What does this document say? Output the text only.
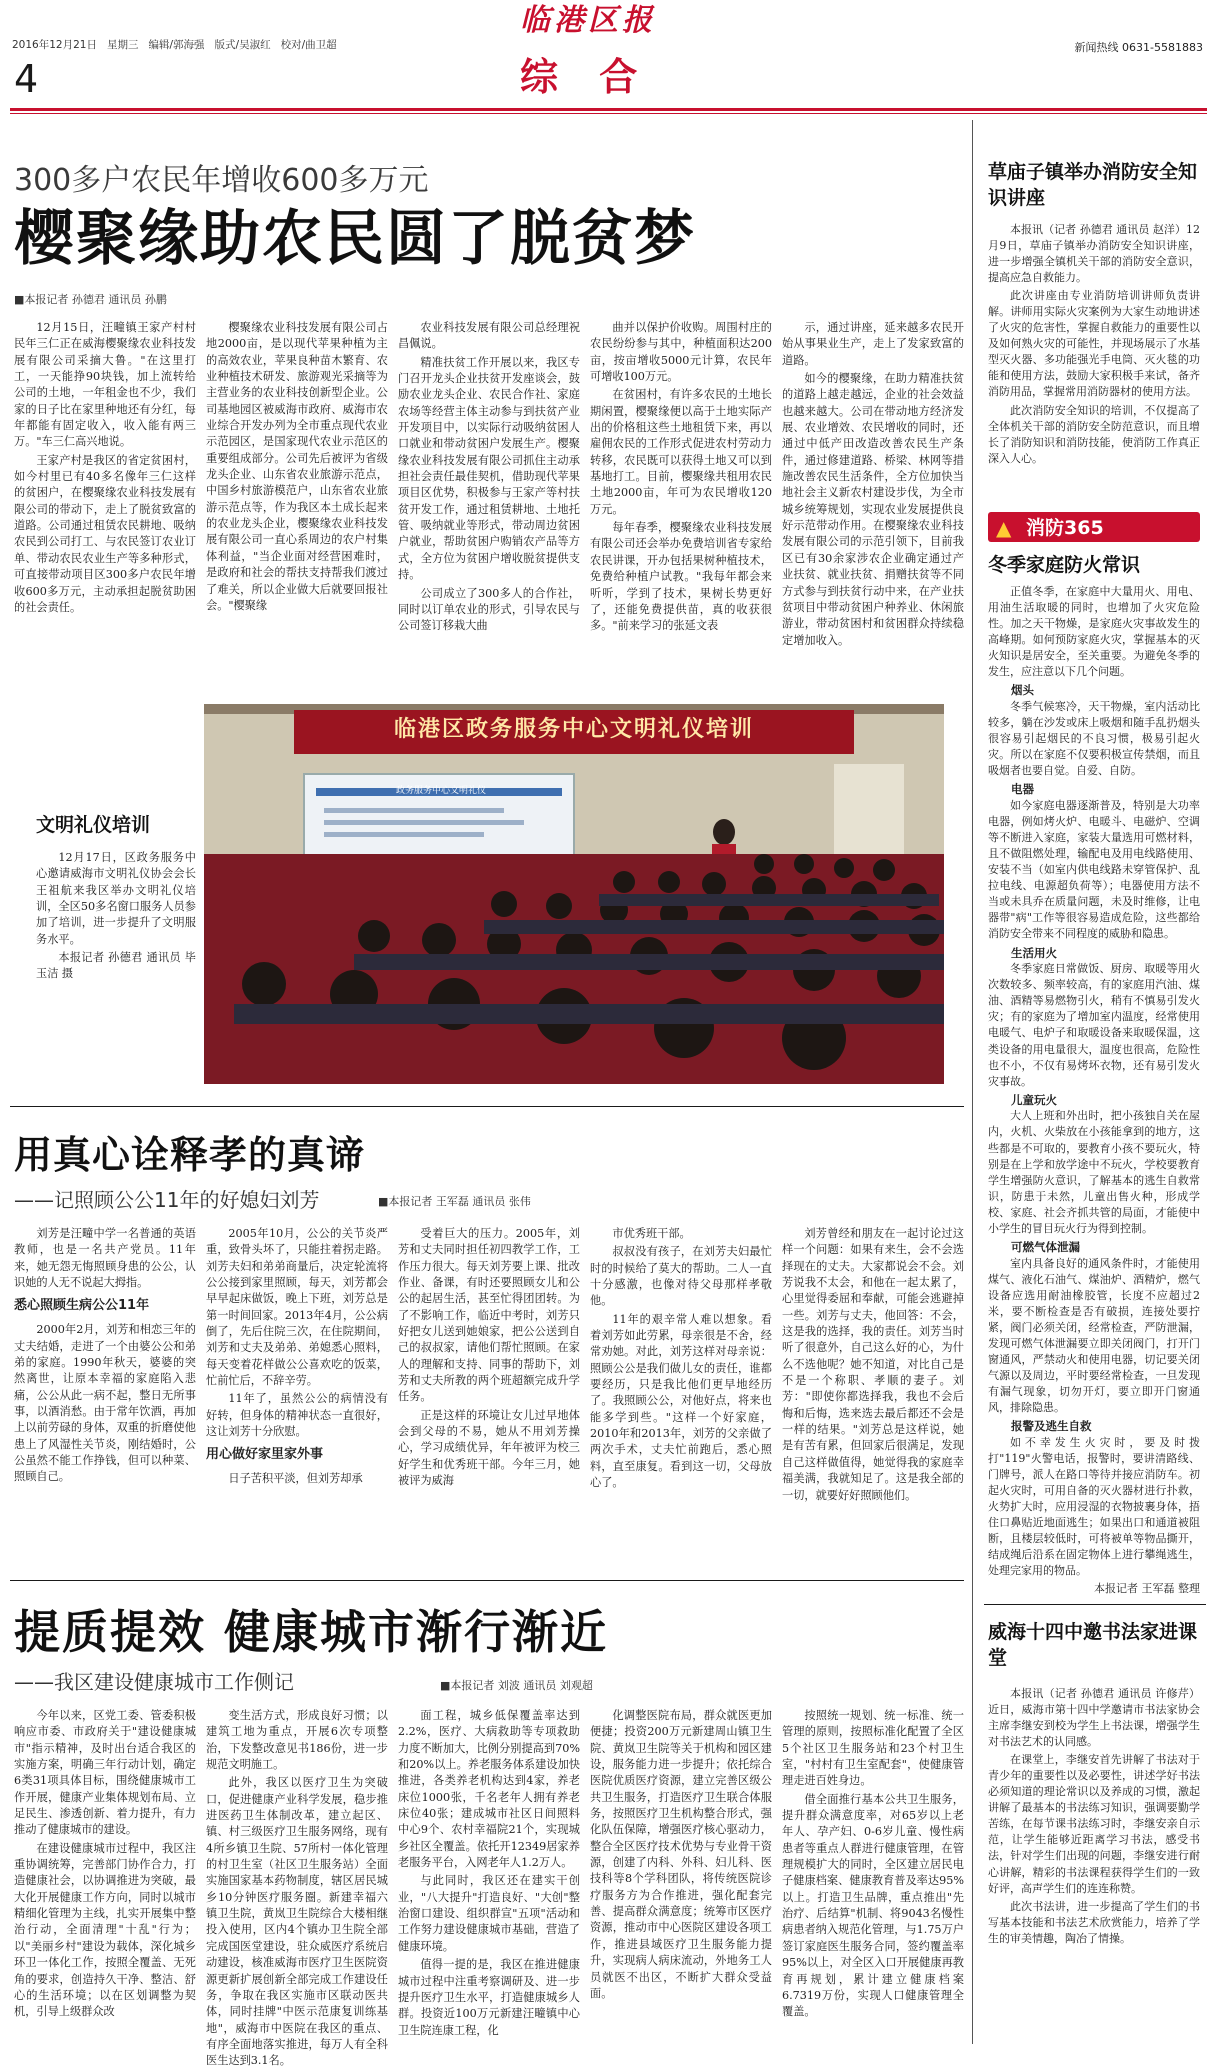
2016年12月21日 星期三 编辑/郭海强 版式/吴淑红 校对/曲卫超
临港区报
新闻热线 0631-5581883
4	综 合
300多户农民年增收600多万元
樱聚缘助农民圆了脱贫梦
■本报记者 孙德君 通讯员 孙鹏

12月15日，汪疃镇王家产村村民年三仁正在威海樱聚缘农业科技发展有限公司采摘大鲁。"在这里打工，一天能挣90块钱，加上流转给公司的土地，一年租金也不少，我们家的日子比在家里种地还有分红，每年都能有固定收入，收入能有两三万。"车三仁高兴地说。

王家产村是我区的省定贫困村，如今村里已有40多名像年三仁这样的贫困户，在樱聚缘农业科技发展有限公司的带动下，走上了脱贫致富的道路。公司通过租赁农民耕地、吸纳农民到公司打工、与农民签订农业订单、带动农民农业生产等多种形式，可直接带动项目区300多户农民年增收600多万元，主动承担起脱贫助困的社会责任。

樱聚缘农业科技发展有限公司占地2000亩，是以现代苹果种植为主的高效农业，苹果良种苗木繁育、农业种植技术研发、旅游观光采摘等为主营业务的农业科技创新型企业。公司基地园区被威海市政府、威海市农业综合开发办列为全市重点现代农业示范园区，是国家现代农业示范区的重要组成部分。公司先后被评为省级龙头企业、山东省农业旅游示范点，中国乡村旅游模范户，山东省农业旅游示范点等，作为我区本土成长起来的农业龙头企业，樱聚缘农业科技发展有限公司一直心系周边的农户村集体利益，"当企业面对经营困难时，是政府和社会的帮扶支持帮我们渡过了难关，所以企业做大后就要回报社会。"樱聚缘

农业科技发展有限公司总经理祝昌佩说。

精准扶贫工作开展以来，我区专门召开龙头企业扶贫开发座谈会，鼓励农业龙头企业、农民合作社、家庭农场等经营主体主动参与到扶贫产业开发项目中，以实际行动吸纳贫困人口就业和带动贫困户发展生产。樱聚缘农业科技发展有限公司抓住主动承担社会责任最佳契机，借助现代苹果项目区优势，积极参与王家产等村扶贫开发工作，通过租赁耕地、土地托管、吸纳就业等形式，带动周边贫困户就业，帮助贫困户购销农产品等方式，全方位为贫困户增收脱贫提供支持。

公司成立了300多人的合作社，同时以订单农业的形式，引导农民与公司签订移栽大曲

曲并以保护价收购。周围村庄的农民纷纷参与其中，种植面积达200亩，按亩增收5000元计算，农民年可增收100万元。

在贫困村，有许多农民的土地长期闲置，樱聚缘便以高于土地实际产出的价格租这些土地租赁下来，再以雇佣农民的工作形式促进农村劳动力转移，农民既可以获得土地又可以到基地打工。目前，樱聚缘共租用农民土地2000亩，年可为农民增收120万元。

每年春季，樱聚缘农业科技发展有限公司还会举办免费培训省专家给农民讲课，开办包括果树种植技术，免费给种植户试教。"我每年都会来听听，学到了技术，果树长势更好了，还能免费提供苗，真的收获很多。"前来学习的张延文表

示，通过讲座，延来越多农民开始从事果业生产，走上了发家致富的道路。

如今的樱聚缘，在助力精准扶贫的道路上越走越远，企业的社会效益也越来越大。公司在带动地方经济发展、农业增效、农民增收的同时，还通过中低产田改造改善农民生产条件，通过修建道路、桥梁、林网等措施改善农民生活条件，全方位加快当地社会主义新农村建设步伐，为全市城乡统筹规划，实现农业发展提供良好示范带动作用。在樱聚缘农业科技发展有限公司的示范引领下，目前我区已有30余家涉农企业确定通过产业扶贫、就业扶贫、捐赠扶贫等不同方式参与到扶贫行动中来，在产业扶贫项目中带动贫困户种养业、休闲旅游业，带动贫困村和贫困群众持续稳定增加收入。

文明礼仪培训

12月17日，区政务服务中心邀请威海市文明礼仪协会会长王祖航来我区举办文明礼仪培训，全区50多名窗口服务人员参加了培训，进一步提升了文明服务水平。

本报记者 孙德君 通讯员 毕玉洁 摄

临港区政务服务中心文明礼仪培训
政务服务中心文明礼仪
用真心诠释孝的真谛
——记照顾公公11年的好媳妇刘芳	■本报记者 王军磊 通讯员 张伟

刘芳是汪疃中学一名普通的英语教师，也是一名共产党员。11年来，她无怨无悔照顾身患的公公，认识她的人无不说起大拇指。

悉心照顾生病公公11年

2000年2月，刘芳和相恋三年的丈夫结婚，走进了一个由婆公公和弟弟的家庭。1990年秋天，婆婆的突然离世，让原本幸福的家庭陷入悲痛，公公从此一病不起，整日无所事事，以酒消愁。由于常年饮酒，再加上以前劳碌的身体，双重的折磨使他患上了风湿性关节炎，刚结婚时，公公虽然不能工作挣钱，但可以种菜、照顾自己。

2005年10月，公公的关节炎严重，致骨头坏了，只能拄着拐走路。刘芳夫妇和弟弟商量后，决定轮流将公公接到家里照顾，每天，刘芳都会早早起床做饭，晚上下班，刘芳总是第一时间回家。2013年4月，公公病倒了，先后住院三次，在住院期间，刘芳和丈夫及弟弟、弟媳悉心照料，每天变着花样做公公喜欢吃的饭菜，忙前忙后，不辞辛劳。

11年了，虽然公公的病情没有好转，但身体的精神状态一直很好，这让刘芳十分欣慰。

用心做好家里家外事

日子苦积平淡，但刘芳却承

受着巨大的压力。2005年，刘芳和丈夫同时担任初四教学工作，工作压力很大。每天刘芳要上课、批改作业、备课，有时还要照顾女儿和公公的起居生活，甚至忙得团团转。为了不影响工作，临近中考时，刘芳只好把女儿送到她娘家，把公公送到自己的叔叔家，请他们帮忙照顾。在家人的理解和支持、同事的帮助下，刘芳和丈夫所教的两个班超额完成升学任务。

正是这样的环境让女儿过早地体会到父母的不易，她从不用刘芳操心，学习成绩优异，年年被评为校三好学生和优秀班干部。今年三月，她被评为威海

市优秀班干部。

叔叔没有孩子，在刘芳夫妇最忙时的时候给了莫大的帮助。二人一直十分感激，也像对待父母那样孝敬他。

11年的艰辛常人难以想象。看着刘芳如此劳累，母亲很是不舍，经常劝她。对此，刘芳这样对母亲说：照顾公公是我们做儿女的责任，谁都要经历，只是我比他们更早地经历了。我照顾公公，对他好点，将来也能多学到些。"这样一个好家庭，2010年和2013年，刘芳的父亲做了两次手术，丈夫忙前跑后，悉心照料，直至康复。看到这一切，父母放心了。

刘芳曾经和朋友在一起讨论过这样一个问题：如果有来生，会不会选择现在的丈夫。大家都说会不会。刘芳说我不太会，和他在一起太累了，心里觉得委屈和奉献，可能会逃避掉一些。刘芳与丈夫，他回答：不会，这是我的选择，我的责任。刘芳当时听了很意外，自己这么好的心，为什么不选他呢？她不知道，对比自己是不是一个称职、孝顺的妻子。刘芳："即使你都选择我，我也不会后悔和后悔，选来选去最后都还不会是一样的结果。"刘芳总是这样说，她是有苦有累，但回家后很满足，发现自己这样做值得，她觉得我的家庭幸福美满，我就知足了。这是我全部的一切，就要好好照顾他们。

提质提效 健康城市渐行渐近
——我区建设健康城市工作侧记	■本报记者 刘波 通讯员 刘观超

今年以来，区党工委、管委积极响应市委、市政府关于"建设健康城市"指示精神，及时出台适合我区的实施方案，明确三年行动计划，确定6类31项具体目标，围绕健康城市工作开展，健康产业集体规划布局、立足民生、渗透创新、着力提升，有力推动了健康城市的建设。

在建设健康城市过程中，我区注重协调统筹，完善部门协作合力，打造健康社会，以协调推进为突破，最大化开展健康工作方向，同时以城市精细化管理为主线，扎实开展集中整治行动，全面清理"十乱"行为；以"美丽乡村"建设为载体，深化城乡环卫一体化工作，按照全覆盖、无死角的要求，创造持久干净、整洁、舒心的生活环境；以在区划调整为契机，引导上级群众改

变生活方式，形成良好习惯；以建筑工地为重点，开展6次专项整治，下发整改意见书186份，进一步规范文明施工。

此外，我区以医疗卫生为突破口，促进健康产业科学发展，稳步推进医药卫生体制改革，建立起区、镇、村三级医疗卫生服务网络，现有4所乡镇卫生院、57所村一体化管理的村卫生室（社区卫生服务站）全面实施国家基本药物制度，辖区居民城乡10分钟医疗服务圈。新建幸福六镇卫生院，黄岚卫生院综合大楼相继投入使用，区内4个镇办卫生院全部完成国医堂建设，驻众威医疗系统启动建设，核准威海市医疗卫生医院资源更新扩展创新全部完成工作建设任务，争取在我区实施市区联动医共体，同时挂牌"中医示范康复训练基地"，威海市中医院在我区的重点、有序全面地落实推进，每万人有全科医生达到3.1名。

面工程，城乡低保覆盖率达到2.2%，医疗、大病救助等专项救助力度不断加大，比例分别提高到70%和20%以上。养老服务体系建设加快推进，各类养老机构达到4家，养老床位1000张，千名老年人拥有养老床位40张；建成城市社区日间照料中心9个、农村幸福院21个，实现城乡社区全覆盖。依托开12349居家养老服务平台，入网老年人1.2万人。

与此同时，我区还在建实干创业，"八大提升"打造良好、"大创"整治窗口建设、组织群宣"五项"活动和工作努力建设健康城市基础，营造了健康环境。

值得一提的是，我区在推进健康城市过程中注重考察调研及、进一步提升医疗卫生水平，打造健康城乡人群。投资近100万元新建汪疃镇中心卫生院连康工程，化

化调整医院布局，群众就医更加便捷；投资200万元新建周山镇卫生院、黄岚卫生院等关于机构和园区建设，服务能力进一步提升；依托综合医院优质医疗资源，建立完善区级公共卫生服务，打造医疗卫生联合体服务，按照医疗卫生机构整合形式，强化队伍保障，增强医疗核心驱动力，整合全区医疗技术优势与专业骨干资源，创建了内科、外科、妇儿科、医技科等8个学科团队，将传统医院诊疗服务方为合作推进，强化配套完善、提高群众满意度；统筹市区医疗资源，推动市中心医院区建设各项工作，推进县域医疗卫生服务能力提升，实现病人病床流动，外地务工人员就医不出区，不断扩大群众受益面。

按照统一规划、统一标准、统一管理的原则，按照标准化配置了全区5个社区卫生服务站和23个村卫生室，"村村有卫生室配套"，使健康管理走进百姓身边。

借全面推行基本公共卫生服务，提升群众满意度率，对65岁以上老年人、孕产妇、0-6岁儿童、慢性病患者等重点人群进行健康管理，在管理规模扩大的同时，全区建立居民电子健康档案、健康教育普及率达95%以上。打造卫生品牌，重点推出"先治疗、后结算"机制、将9043名慢性病患者纳入规范化管理，与1.75万户签订家庭医生服务合同，签约覆盖率95%以上，对全区入口开展健康再教育再规划，累计建立健康档案6.7319万份，实现人口健康管理全覆盖。

草庙子镇举办消防安全知识讲座

本报讯（记者 孙德君 通讯员 赵洋）12月9日，草庙子镇举办消防安全知识讲座，进一步增强全镇机关干部的消防安全意识，提高应急自救能力。

此次讲座由专业消防培训讲师负责讲解。讲师用实际火灾案例为大家生动地讲述了火灾的危害性，掌握自救能力的重要性以及如何熟火灾的可能性，并现场展示了水基型灭火器、多功能强光手电筒、灭火毯的功能和使用方法，鼓励大家积极手来试，备齐消防用品，掌握常用消防器材的使用方法。

此次消防安全知识的培训，不仅提高了全体机关干部的消防安全防范意识，而且增长了消防知识和消防技能，使消防工作真正深入人心。

▲ 消防365
冬季家庭防火常识

正值冬季，在家庭中大量用火、用电、用油生活取暖的同时，也增加了火灾危险性。加之天干物燥，是家庭火灾事故发生的高峰期。如何预防家庭火灾，掌握基本的灭火知识是居安全，至关重要。为避免冬季的发生，应注意以下几个问题。

烟头

冬季气候寒冷，天干物燥，室内活动比较多，躺在沙发或床上吸烟和随手乱扔烟头很容易引起烟民的不良习惯，极易引起火灾。所以在家庭不仅要积极宣传禁烟，而且吸烟者也要自觉。自爱、自防。

电器

如今家庭电器逐渐普及，特别是大功率电器，例如烤火炉、电暖斗、电磁炉、空调等不断进入家庭，家装大量选用可燃材料，且不做阻燃处理，输配电及用电线路使用、安装不当（如室内供电线路未穿管保护、乱拉电线、电源超负荷等）；电器使用方法不当或未具乔在质量问题，未及时维修，让电器带"病"工作等很容易造成危险，这些都给消防安全带来不同程度的威胁和隐患。

生活用火

冬季家庭日常做饭、厨房、取暖等用火次数较多、频率较高，有的家庭用汽油、煤油、酒精等易燃物引火，稍有不慎易引发火灾；有的家庭为了增加室内温度，经常使用电暖气、电炉子和取暖设备来取暖保温，这类设备的用电量很大，温度也很高，危险性也不小，不仅有易烤坏衣物，还有易引发火灾事故。

儿童玩火

大人上班和外出时，把小孩独自关在屋内，火机、火柴放在小孩能拿到的地方，这些都是不可取的，要教育小孩不要玩火，特别是在上学和放学途中不玩火，学校要教育学生增强防火意识，了解基本的逃生自救常识，防患于未然，儿童出售火种，形成学校、家庭、社会齐抓共管的局面，才能使中小学生的冒目玩火行为得到控制。

可燃气体泄漏

室内具备良好的通风条件时，才能使用煤气、液化石油气、煤油炉、酒精炉，燃气设备应选用耐油橡胶管，长度不应超过2米，要不断检查是否有破损，连接处要拧紧，阀门必须关闭，经常检查，严防泄漏，发现可燃气体泄漏要立即关闭阀门，打开门窗通风，严禁动火和使用电器，切记要关闭气源以及周边，平时要经常检查，一旦发现有漏气现象，切勿开灯，要立即开门窗通风，排除隐患。

报警及逃生自救

如不幸发生火灾时，要及时拨打"119"火警电话，报警时，要讲清路线、门牌号，派人在路口等待并接应消防车。初起火灾时，可用自备的灭火器材进行扑救，火势扩大时，应用浸湿的衣物披裹身体，捂住口鼻贴近地面逃生；如果出口和通道被阻断，且楼层较低时，可将被单等物品撕开，结成绳后沿系在固定物体上进行攀绳逃生，处理完家用的物品。

本报记者 王军磊 整理
威海十四中邀书法家进课堂

本报讯（记者 孙德君 通讯员 许修芹）近日，威海市第十四中学邀请市书法家协会主席李继安到校为学生上书法课，增强学生对书法艺术的认同感。

在课堂上，李继安首先讲解了书法对于青少年的重要性以及必要性，讲述学好书法必须知道的理论常识以及养成的习惯，激起讲解了最基本的书法练习知识，强调要勤学苦练，在每节课书法练习时，李继安亲自示范，让学生能够近距离学习书法，感受书法，针对学生们出现的问题，李继安进行耐心讲解，精彩的书法课程获得学生们的一致好评，高声学生们的连连称赞。

此次书法讲，进一步提高了学生们的书写基本技能和书法艺术欣赏能力，培养了学生的审美情趣，陶冶了情操。
